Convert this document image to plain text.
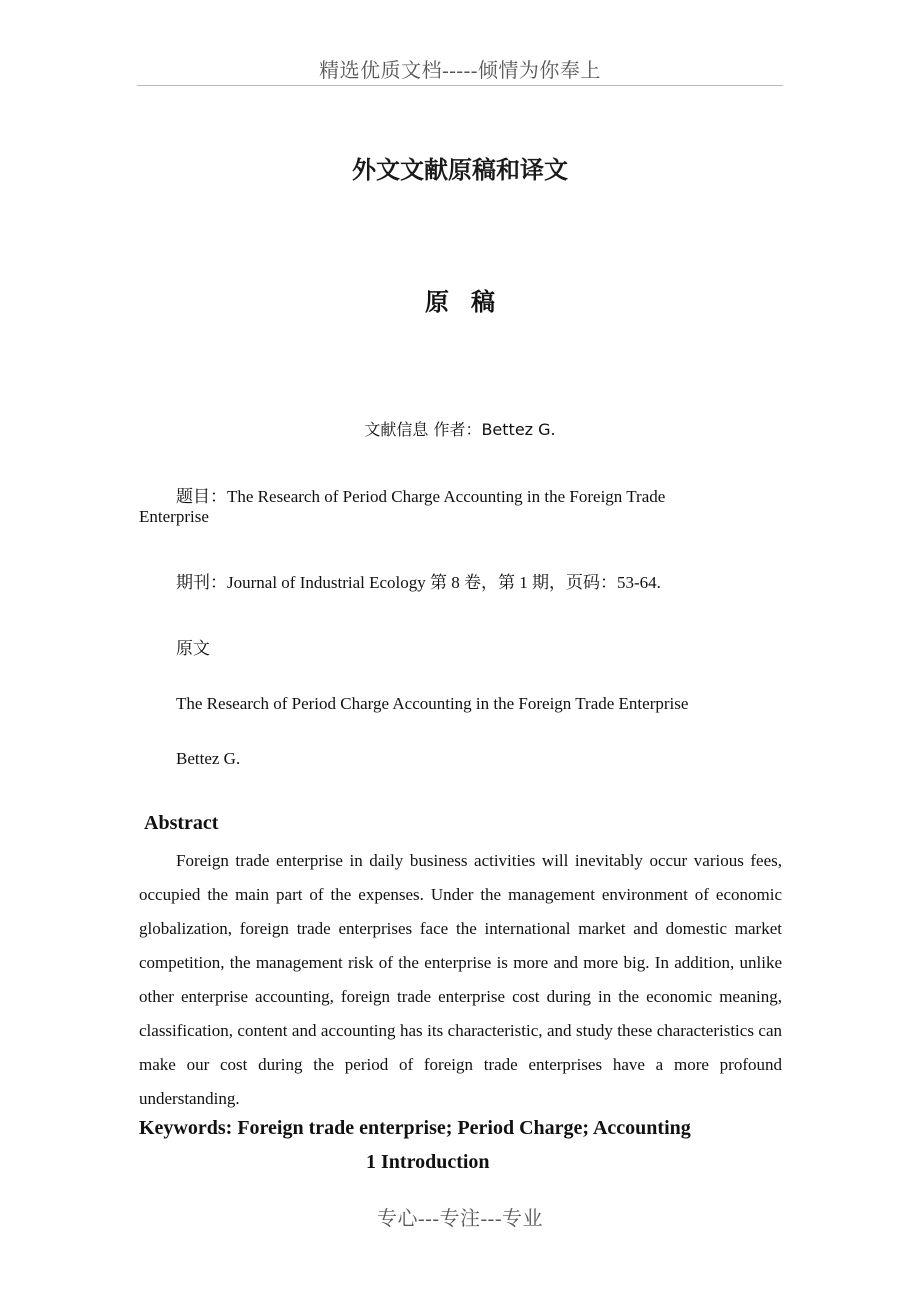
精选优质文档-----倾情为你奉上
外文文献原稿和译文
原稿
文献信息 作者：Bettez G.
题目：The Research of Period Charge Accounting in the Foreign Trade
Enterprise
期刊：Journal of Industrial Ecology 第 8 卷，第 1 期，页码：53-64.
原文
The Research of Period Charge Accounting in the Foreign Trade Enterprise
Bettez G.
Abstract

Foreign trade enterprise in daily business activities will inevitably occur various fees, occupied the main part of the expenses. Under the management environment of economic globalization, foreign trade enterprises face the international market and domestic market competition, the management risk of the enterprise is more and more big. In addition, unlike other enterprise accounting, foreign trade enterprise cost during in the economic meaning, classification, content and accounting has its characteristic, and study these characteristics can make our cost during the period of foreign trade enterprises have a more profound understanding.

Keywords: Foreign trade enterprise; Period Charge; Accounting
1 Introduction
专心---专注---专业
